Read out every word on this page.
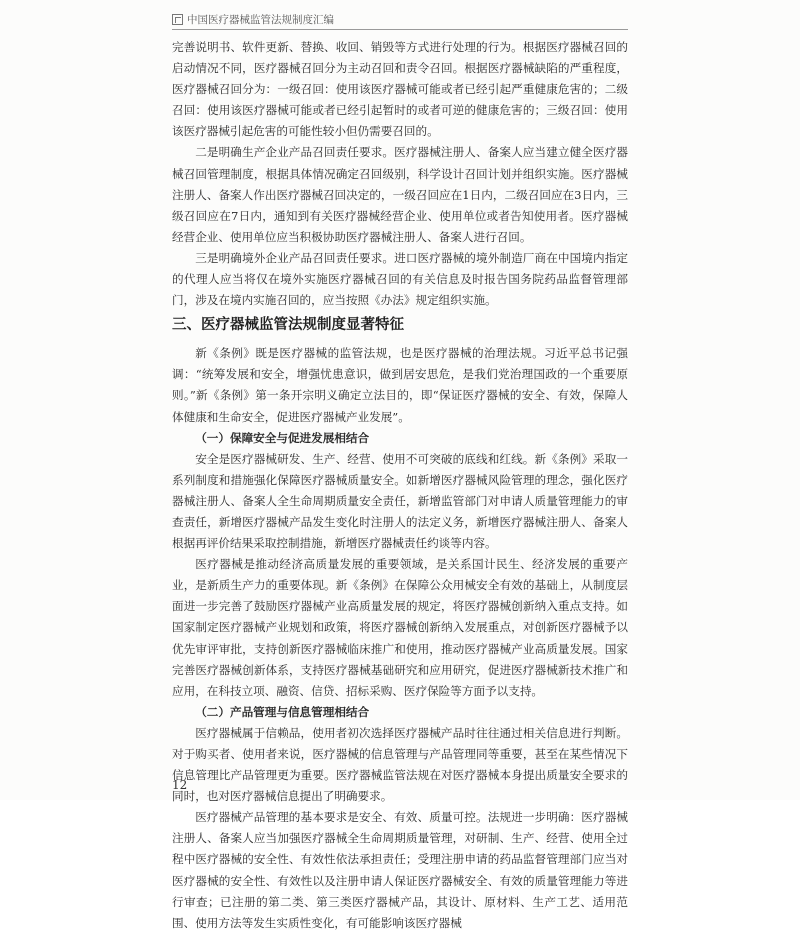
中国医疗器械监管法规制度汇编

完善说明书、软件更新、替换、收回、销毁等方式进行处理的行为。根据医疗器械召回的启动情况不同，医疗器械召回分为主动召回和责令召回。根据医疗器械缺陷的严重程度，医疗器械召回分为：一级召回：使用该医疗器械可能或者已经引起严重健康危害的；二级召回：使用该医疗器械可能或者已经引起暂时的或者可逆的健康危害的；三级召回：使用该医疗器械引起危害的可能性较小但仍需要召回的。

二是明确生产企业产品召回责任要求。医疗器械注册人、备案人应当建立健全医疗器械召回管理制度，根据具体情况确定召回级别，科学设计召回计划并组织实施。医疗器械注册人、备案人作出医疗器械召回决定的，一级召回应在1日内，二级召回应在3日内，三级召回应在7日内，通知到有关医疗器械经营企业、使用单位或者告知使用者。医疗器械经营企业、使用单位应当积极协助医疗器械注册人、备案人进行召回。

三是明确境外企业产品召回责任要求。进口医疗器械的境外制造厂商在中国境内指定的代理人应当将仅在境外实施医疗器械召回的有关信息及时报告国务院药品监督管理部门，涉及在境内实施召回的，应当按照《办法》规定组织实施。

三、医疗器械监管法规制度显著特征

新《条例》既是医疗器械的监管法规，也是医疗器械的治理法规。习近平总书记强调：“统筹发展和安全，增强忧患意识，做到居安思危，是我们党治理国政的一个重要原则。”新《条例》第一条开宗明义确定立法目的，即“保证医疗器械的安全、有效，保障人体健康和生命安全，促进医疗器械产业发展”。

（一）保障安全与促进发展相结合

安全是医疗器械研发、生产、经营、使用不可突破的底线和红线。新《条例》采取一系列制度和措施强化保障医疗器械质量安全。如新增医疗器械风险管理的理念，强化医疗器械注册人、备案人全生命周期质量安全责任，新增监管部门对申请人质量管理能力的审查责任，新增医疗器械产品发生变化时注册人的法定义务，新增医疗器械注册人、备案人根据再评价结果采取控制措施，新增医疗器械责任约谈等内容。

医疗器械是推动经济高质量发展的重要领域，是关系国计民生、经济发展的重要产业，是新质生产力的重要体现。新《条例》在保障公众用械安全有效的基础上，从制度层面进一步完善了鼓励医疗器械产业高质量发展的规定，将医疗器械创新纳入重点支持。如国家制定医疗器械产业规划和政策，将医疗器械创新纳入发展重点，对创新医疗器械予以优先审评审批，支持创新医疗器械临床推广和使用，推动医疗器械产业高质量发展。国家完善医疗器械创新体系，支持医疗器械基础研究和应用研究，促进医疗器械新技术推广和应用，在科技立项、融资、信贷、招标采购、医疗保险等方面予以支持。

（二）产品管理与信息管理相结合

医疗器械属于信赖品，使用者初次选择医疗器械产品时往往通过相关信息进行判断。对于购买者、使用者来说，医疗器械的信息管理与产品管理同等重要，甚至在某些情况下信息管理比产品管理更为重要。医疗器械监管法规在对医疗器械本身提出质量安全要求的同时，也对医疗器械信息提出了明确要求。

医疗器械产品管理的基本要求是安全、有效、质量可控。法规进一步明确：医疗器械注册人、备案人应当加强医疗器械全生命周期质量管理，对研制、生产、经营、使用全过程中医疗器械的安全性、有效性依法承担责任；受理注册申请的药品监督管理部门应当对医疗器械的安全性、有效性以及注册申请人保证医疗器械安全、有效的质量管理能力等进行审查；已注册的第二类、第三类医疗器械产品，其设计、原材料、生产工艺、适用范围、使用方法等发生实质性变化，有可能影响该医疗器械

12
